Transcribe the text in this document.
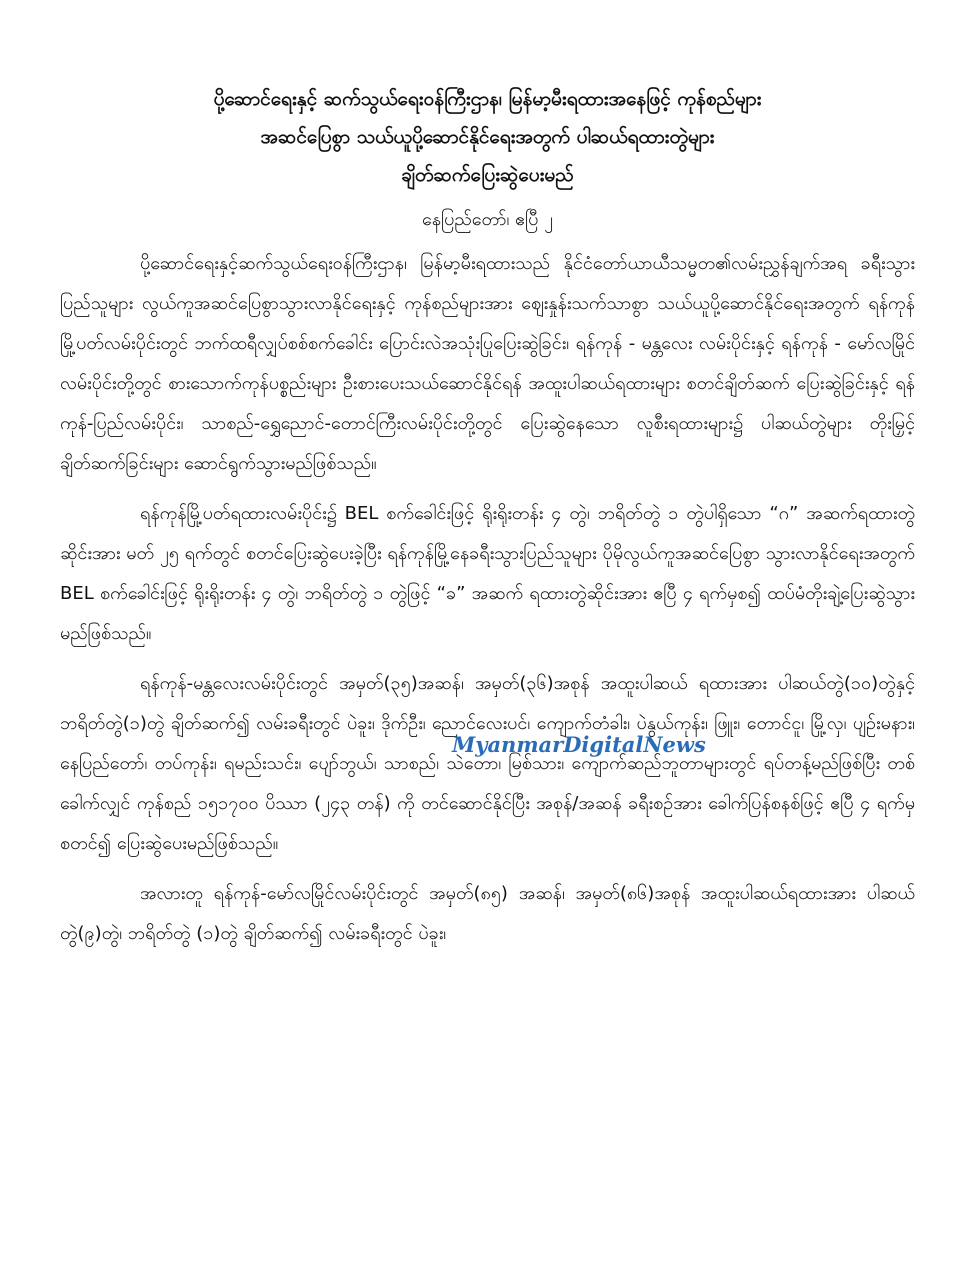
ပို့ဆောင်ရေးနှင့် ဆက်သွယ်ရေးဝန်ကြီးဌာန၊ မြန်မာ့မီးရထားအနေဖြင့် ကုန်စည်များ
အဆင်ပြေစွာ သယ်ယူပို့ဆောင်နိုင်ရေးအတွက် ပါဆယ်ရထားတွဲများ
ချိတ်ဆက်ပြေးဆွဲပေးမည်
နေပြည်တော်၊ ဧပြီ ၂

ပို့ဆောင်ရေးနှင့်ဆက်သွယ်ရေးဝန်ကြီးဌာန၊ မြန်မာ့မီးရထားသည် နိုင်ငံတော်ယာယီသမ္မတ၏လမ်းညွှန်ချက်အရ ခရီးသွားပြည်သူများ လွယ်ကူအဆင်ပြေစွာသွားလာနိုင်ရေးနှင့် ကုန်စည်များအား ဈေးနှုန်းသက်သာစွာ သယ်ယူပို့ဆောင်နိုင်ရေးအတွက် ရန်ကုန်မြို့ပတ်လမ်းပိုင်းတွင် ဘက်ထရီလျှပ်စစ်စက်ခေါင်း ပြောင်းလဲအသုံးပြုပြေးဆွဲခြင်း၊ ရန်ကုန် - မန္တလေး လမ်းပိုင်းနှင့် ရန်ကုန် - မော်လမြိုင် လမ်းပိုင်းတို့တွင် စားသောက်ကုန်ပစ္စည်းများ ဦးစားပေးသယ်ဆောင်နိုင်ရန် အထူးပါဆယ်ရထားများ စတင်ချိတ်ဆက် ပြေးဆွဲခြင်းနှင့် ရန်ကုန်-ပြည်လမ်းပိုင်း၊ သာစည်-ရွှေညောင်-တောင်ကြီးလမ်းပိုင်းတို့တွင် ပြေးဆွဲနေသော လူစီးရထားများ၌ ပါဆယ်တွဲများ တိုးမြှင့်ချိတ်ဆက်ခြင်းများ ဆောင်ရွက်သွားမည်ဖြစ်သည်။

ရန်ကုန်မြို့ပတ်ရထားလမ်းပိုင်း၌ BEL စက်ခေါင်းဖြင့် ရိုးရိုးတန်း ၄ တွဲ၊ ဘရိတ်တွဲ ၁ တွဲပါရှိသော “ဂ” အဆက်ရထားတွဲဆိုင်းအား မတ် ၂၅ ရက်တွင် စတင်ပြေးဆွဲပေးခဲ့ပြီး ရန်ကုန်မြို့နေခရီးသွားပြည်သူများ ပိုမိုလွယ်ကူအဆင်ပြေစွာ သွားလာနိုင်ရေးအတွက် BEL စက်ခေါင်းဖြင့် ရိုးရိုးတန်း ၄ တွဲ၊ ဘရိတ်တွဲ ၁ တွဲဖြင့် “ခ” အဆက် ရထားတွဲဆိုင်းအား ဧပြီ ၄ ရက်မှစ၍ ထပ်မံတိုးချဲ့ပြေးဆွဲသွားမည်ဖြစ်သည်။

ရန်ကုန်-မန္တလေးလမ်းပိုင်းတွင် အမှတ်(၃၅)အဆန်၊ အမှတ်(၃၆)အစုန် အထူးပါဆယ် ရထားအား ပါဆယ်တွဲ(၁၀)တွဲနှင့် ဘရိတ်တွဲ(၁)တွဲ ချိတ်ဆက်၍ လမ်းခရီးတွင် ပဲခူး၊ ဒိုက်ဦး၊ ညောင်လေးပင်၊ ကျောက်တံခါး၊ ပဲနွယ်ကုန်း၊ ဖြူး၊ တောင်ငူ၊ မြို့လှ၊ ပျဉ်းမနား၊ နေပြည်တော်၊ တပ်ကုန်း၊ ရမည်းသင်း၊ ပျော်ဘွယ်၊ သာစည်၊ သဲတော၊ မြစ်သား၊ ကျောက်ဆည်ဘူတာများတွင် ရပ်တန့်မည်ဖြစ်ပြီး တစ်ခေါက်လျှင် ကုန်စည် ၁၅၁၇၀၀ ပိဿာ (၂၄၃ တန်) ကို တင်ဆောင်နိုင်ပြီး အစုန်/အဆန် ခရီးစဉ်အား ခေါက်ပြန်စနစ်ဖြင့် ဧပြီ ၄ ရက်မှစတင်၍ ပြေးဆွဲပေးမည်ဖြစ်သည်။

အလားတူ ရန်ကုန်-မော်လမြိုင်လမ်းပိုင်းတွင် အမှတ်(၈၅) အဆန်၊ အမှတ်(၈၆)အစုန် အထူးပါဆယ်ရထားအား ပါဆယ်တွဲ(၉)တွဲ၊ ဘရိတ်တွဲ (၁)တွဲ ချိတ်ဆက်၍ လမ်းခရီးတွင် ပဲခူး၊

MyanmarDigitalNews
